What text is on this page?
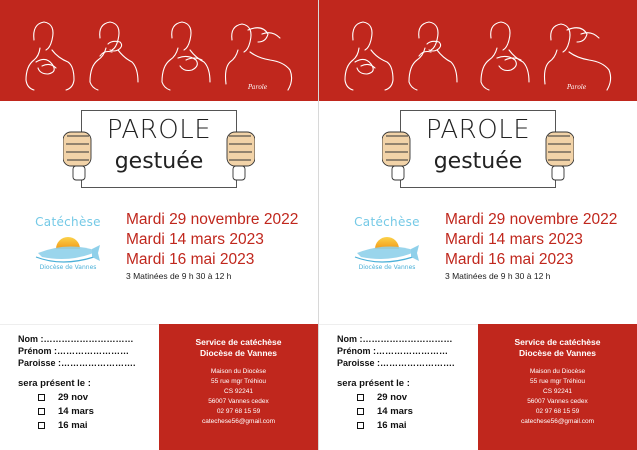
Parole
PAROLE
gestuée
Catéchèse
Diocèse de Vannes
Mardi 29 novembre 2022
Mardi 14 mars 2023
Mardi 16 mai 2023
3 Matinées de 9 h 30 à 12 h
Nom :…………………………
Prénom :……………………
Paroisse :…………………….
sera présent le :
29 nov
14 mars
16 mai
Service de catéchèse
Diocèse de Vannes
Maison du Diocèse
55 rue mgr Tréhiou
CS 92241
56007 Vannes cedex
02 97 68 15 59
catechese56@gmail.com
Parole
PAROLE
gestuée
Catéchèse
Diocèse de Vannes
Mardi 29 novembre 2022
Mardi 14 mars 2023
Mardi 16 mai 2023
3 Matinées de 9 h 30 à 12 h
Nom :…………………………
Prénom :……………………
Paroisse :…………………….
sera présent le :
29 nov
14 mars
16 mai
Service de catéchèse
Diocèse de Vannes
Maison du Diocèse
55 rue mgr Tréhiou
CS 92241
56007 Vannes cedex
02 97 68 15 59
catechese56@gmail.com
